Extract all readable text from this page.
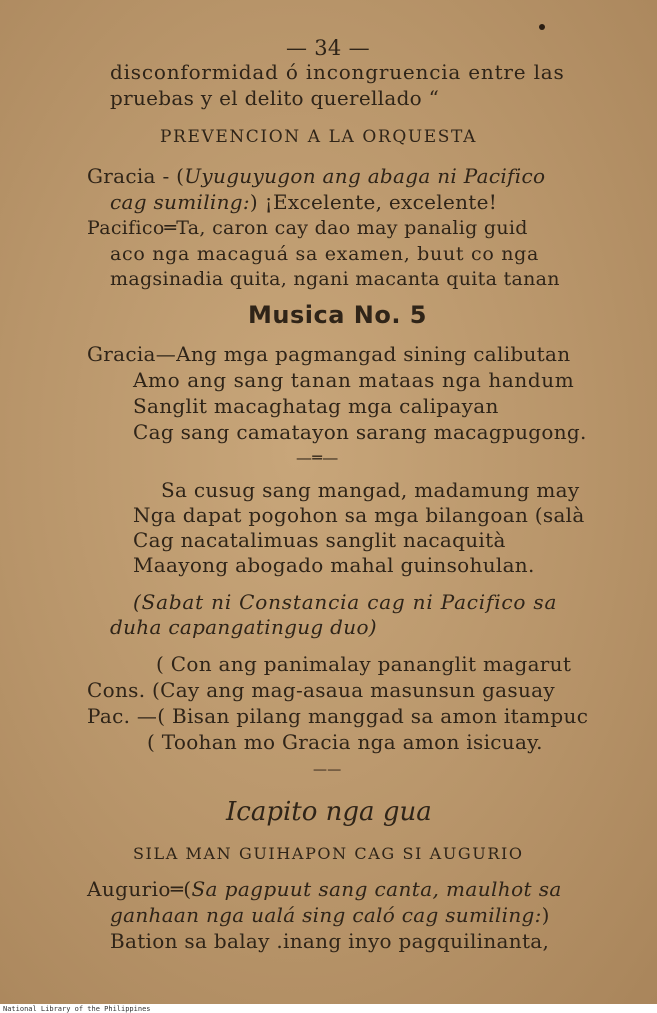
— 34 —
disconformidad ó incongruencia entre las
pruebas y el delito querellado “
PREVENCION A LA ORQUESTA
Gracia - (Uyuguyugon ang abaga ni Pacifico
cag sumiling:) ¡Excelente, excelente!
Pacifico═Ta, caron cay dao may panalig guid
aco nga macaguá sa examen, buut co nga
magsinadia quita, ngani macanta quita tanan
Musica No. 5
Gracia—Ang mga pagmangad sining calibutan
Amo ang sang tanan mataas nga handum
Sanglit macaghatag mga calipayan
Cag sang camatayon sarang macagpugong.
—═—
Sa cusug sang mangad, madamung may
Nga dapat pogohon sa mga bilangoan (salà
Cag nacatalimuas sanglit nacaquità
Maayong abogado mahal guinsohulan.
(Sabat ni Constancia cag ni Pacifico sa
duha capangatingug duo)
( Con ang panimalay pananglit magarut
Cons. (Cay ang mag-asaua masunsun gasuay
Pac. —( Bisan pilang manggad sa amon itampuc
( Toohan mo Gracia nga amon isicuay.
——
Icapito nga gua
SILA MAN GUIHAPON CAG SI AUGURIO
Augurio═(Sa pagpuut sang canta, maulhot sa
ganhaan nga ualá sing caló cag sumiling:)
Bation sa balay .inang inyo pagquilinanta,
National Library of the Philippines
